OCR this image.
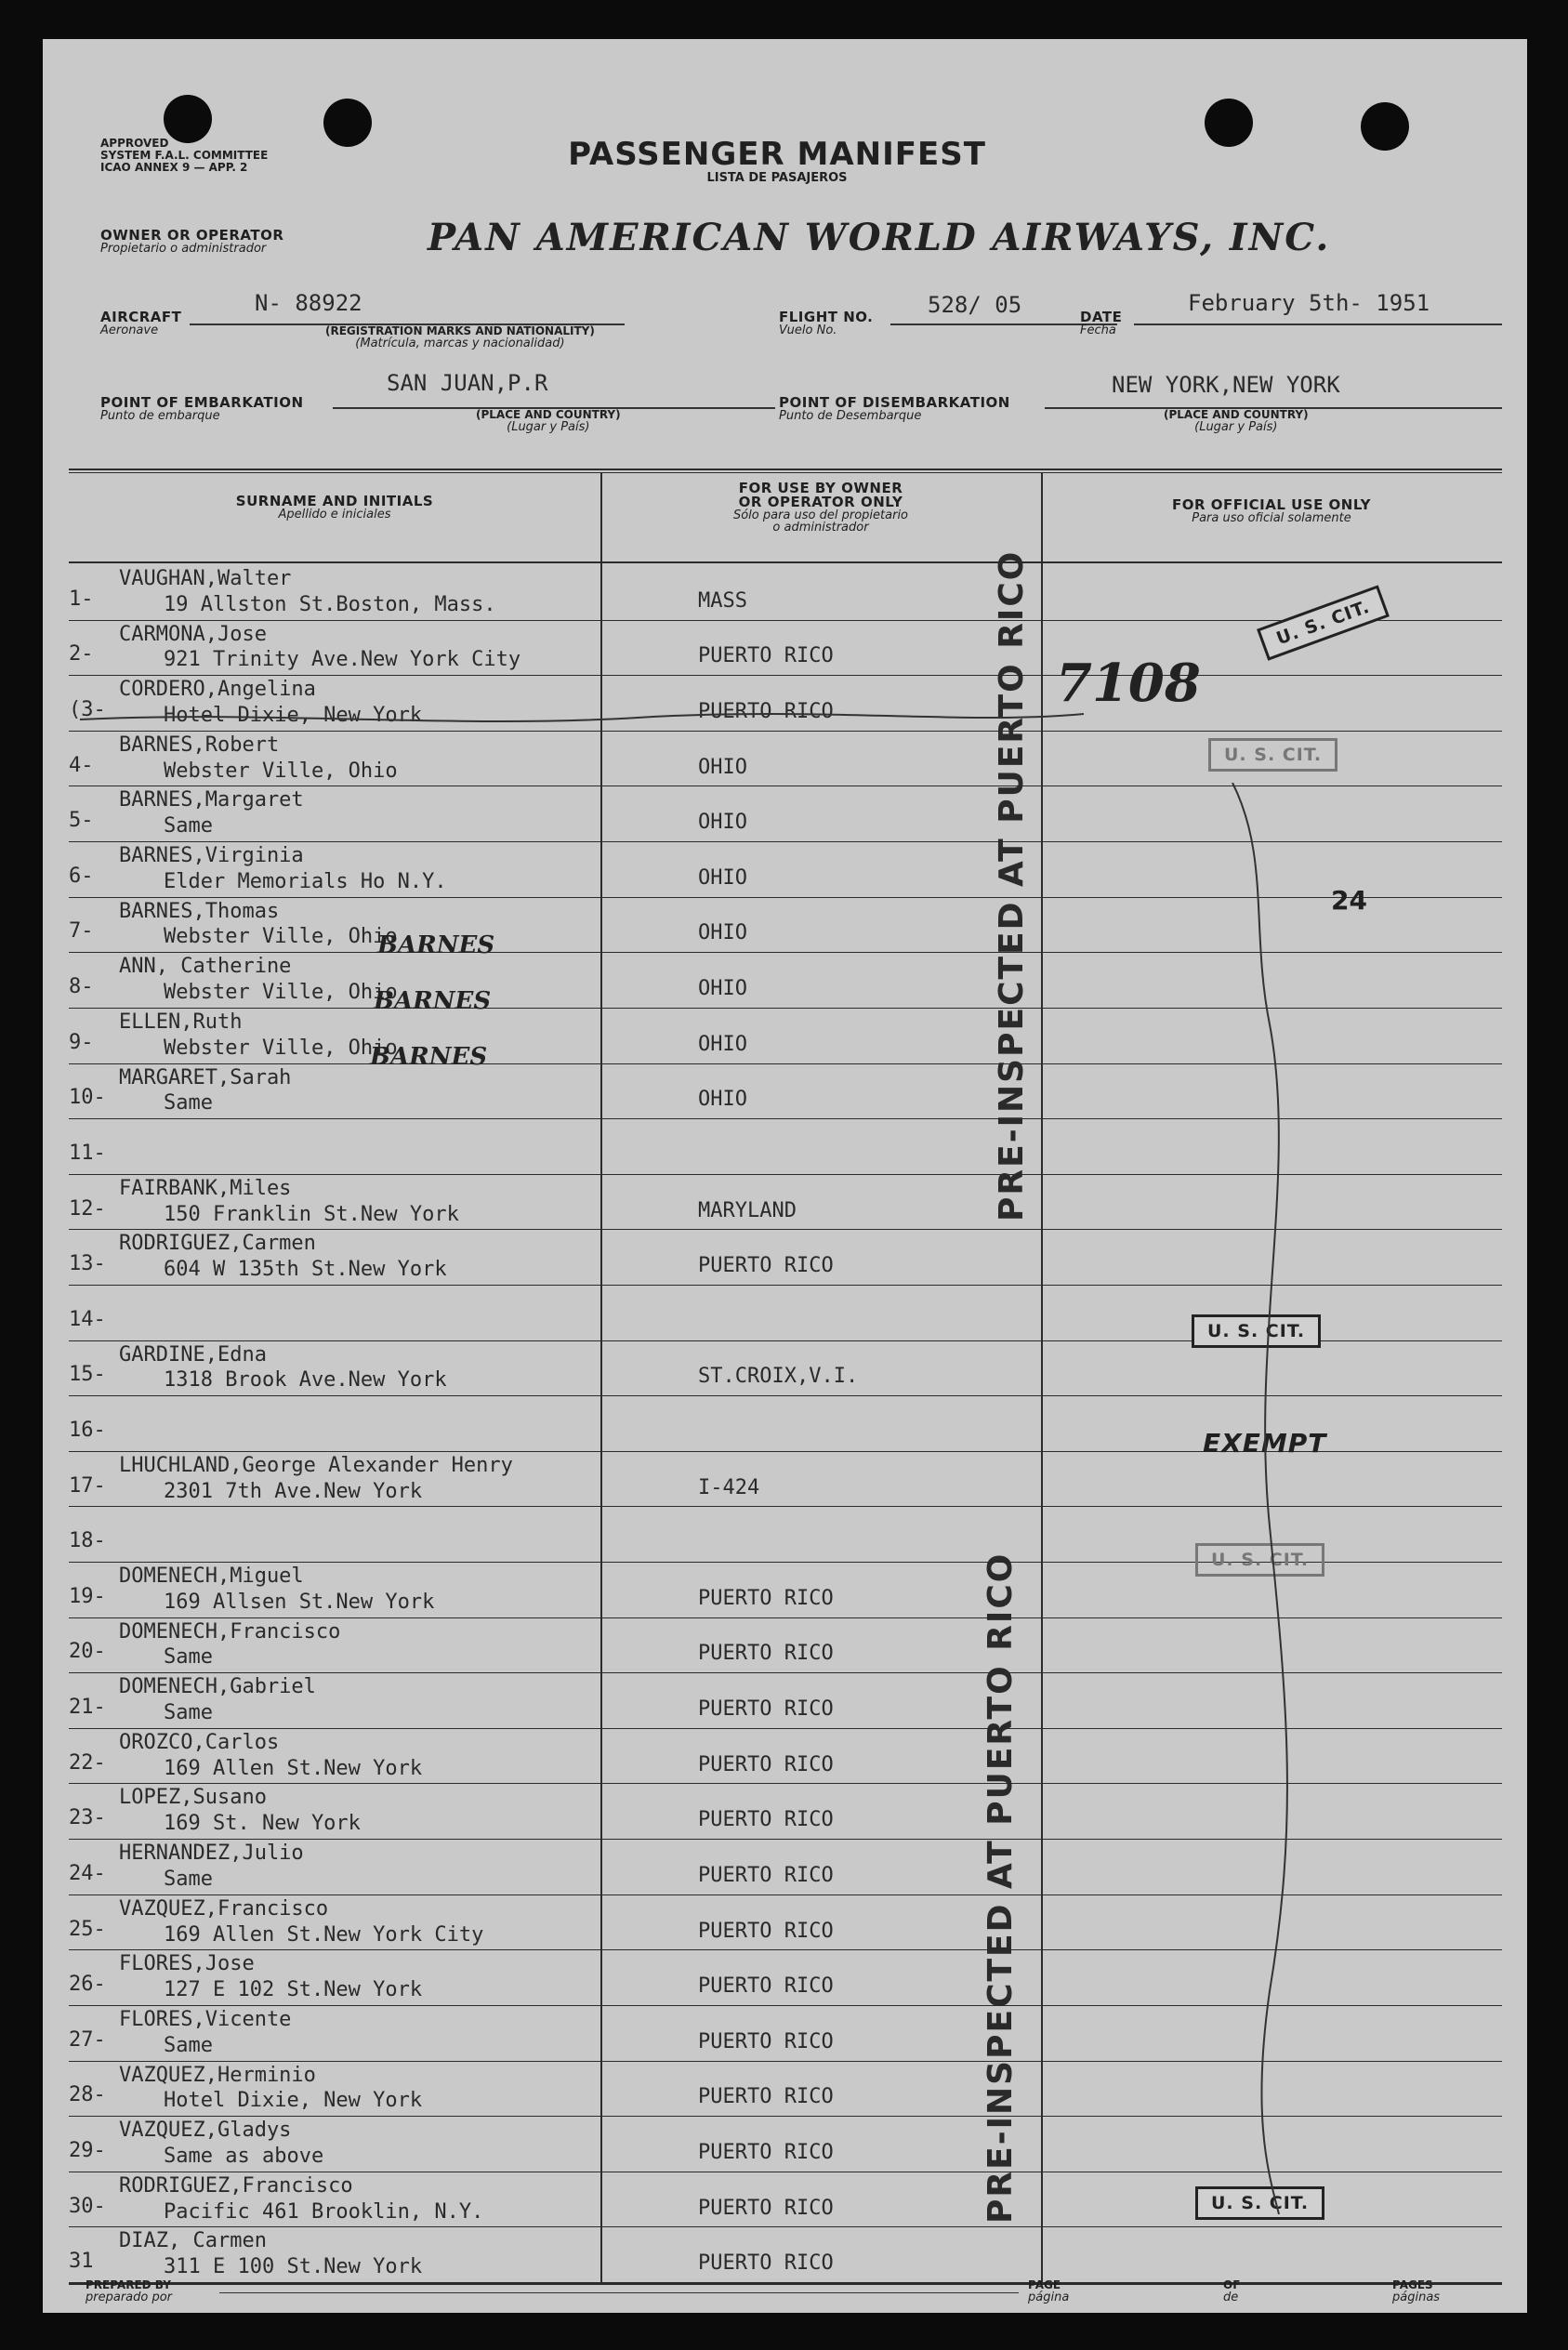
APPROVED
SYSTEM F.A.L. COMMITTEE
ICAO ANNEX 9 — APP. 2	PASSENGER MANIFEST
LISTA DE PASAJEROS
OWNER OR OPERATOR
Propietario o administrador	PAN AMERICAN WORLD AIRWAYS, INC.
AIRCRAFT
Aeronave
N- 88922
(REGISTRATION MARKS AND NATIONALITY)
(Matrícula, marcas y nacionalidad)
FLIGHT NO.
Vuelo No.
528/ 05	DATE
Fecha
February 5th- 1951
POINT OF EMBARKATION
Punto de embarque
SAN JUAN,P.R
(PLACE AND COUNTRY)
(Lugar y País)
POINT OF DISEMBARKATION
Punto de Desembarque
NEW YORK,NEW YORK
(PLACE AND COUNTRY)
(Lugar y País)
SURNAME AND INITIALS
Apellido e iniciales
FOR USE BY OWNER
OR OPERATOR ONLY
Sólo para uso del propietario
o administrador
FOR OFFICIAL USE ONLY
Para uso oficial solamente
1-
VAUGHAN,Walter
19 Allston St.Boston, Mass.	MASS
2-
CARMONA,Jose
921 Trinity Ave.New York City	PUERTO RICO
(3-
CORDERO,Angelina
Hotel Dixie, New York	PUERTO RICO
4-
BARNES,Robert
Webster Ville, Ohio	OHIO
5-
BARNES,Margaret
Same	OHIO
6-
BARNES,Virginia
Elder Memorials Ho N.Y.	OHIO
7-
BARNES,Thomas
Webster Ville, Ohio	OHIO
8-
ANN, Catherine
Webster Ville, Ohio	OHIO
9-
ELLEN,Ruth
Webster Ville, Ohio	OHIO
10-
MARGARET,Sarah
Same	OHIO
11-
12-
FAIRBANK,Miles
150 Franklin St.New York	MARYLAND
13-
RODRIGUEZ,Carmen
604 W 135th St.New York	PUERTO RICO
14-
15-
GARDINE,Edna
1318 Brook Ave.New York	ST.CROIX,V.I.
16-
17-
LHUCHLAND,George Alexander Henry
2301 7th Ave.New York	I-424
18-
19-
DOMENECH,Miguel
169 Allsen St.New York	PUERTO RICO
20-
DOMENECH,Francisco
Same	PUERTO RICO
21-
DOMENECH,Gabriel
Same	PUERTO RICO
22-
OROZCO,Carlos
169 Allen St.New York	PUERTO RICO
23-
LOPEZ,Susano
169 St. New York	PUERTO RICO
24-
HERNANDEZ,Julio
Same	PUERTO RICO
25-
VAZQUEZ,Francisco
169 Allen St.New York City	PUERTO RICO
26-
FLORES,Jose
127 E 102 St.New York	PUERTO RICO
27-
FLORES,Vicente
Same	PUERTO RICO
28-
VAZQUEZ,Herminio
Hotel Dixie, New York	PUERTO RICO
29-
VAZQUEZ,Gladys
Same as above	PUERTO RICO
30-
RODRIGUEZ,Francisco
Pacific 461 Brooklin, N.Y.	PUERTO RICO
31
DIAZ, Carmen
311 E 100 St.New York	PUERTO RICO
BARNES
BARNES
BARNES
7108
24
U. S. CIT.
U. S. CIT.
U. S. CIT.
EXEMPT
U. S. CIT.
U. S. CIT.
PRE-INSPECTED AT PUERTO RICO
PRE-INSPECTED AT PUERTO RICO
PREPARED BY
preparado por
PAGE
página
OF
de
PAGES
páginas
